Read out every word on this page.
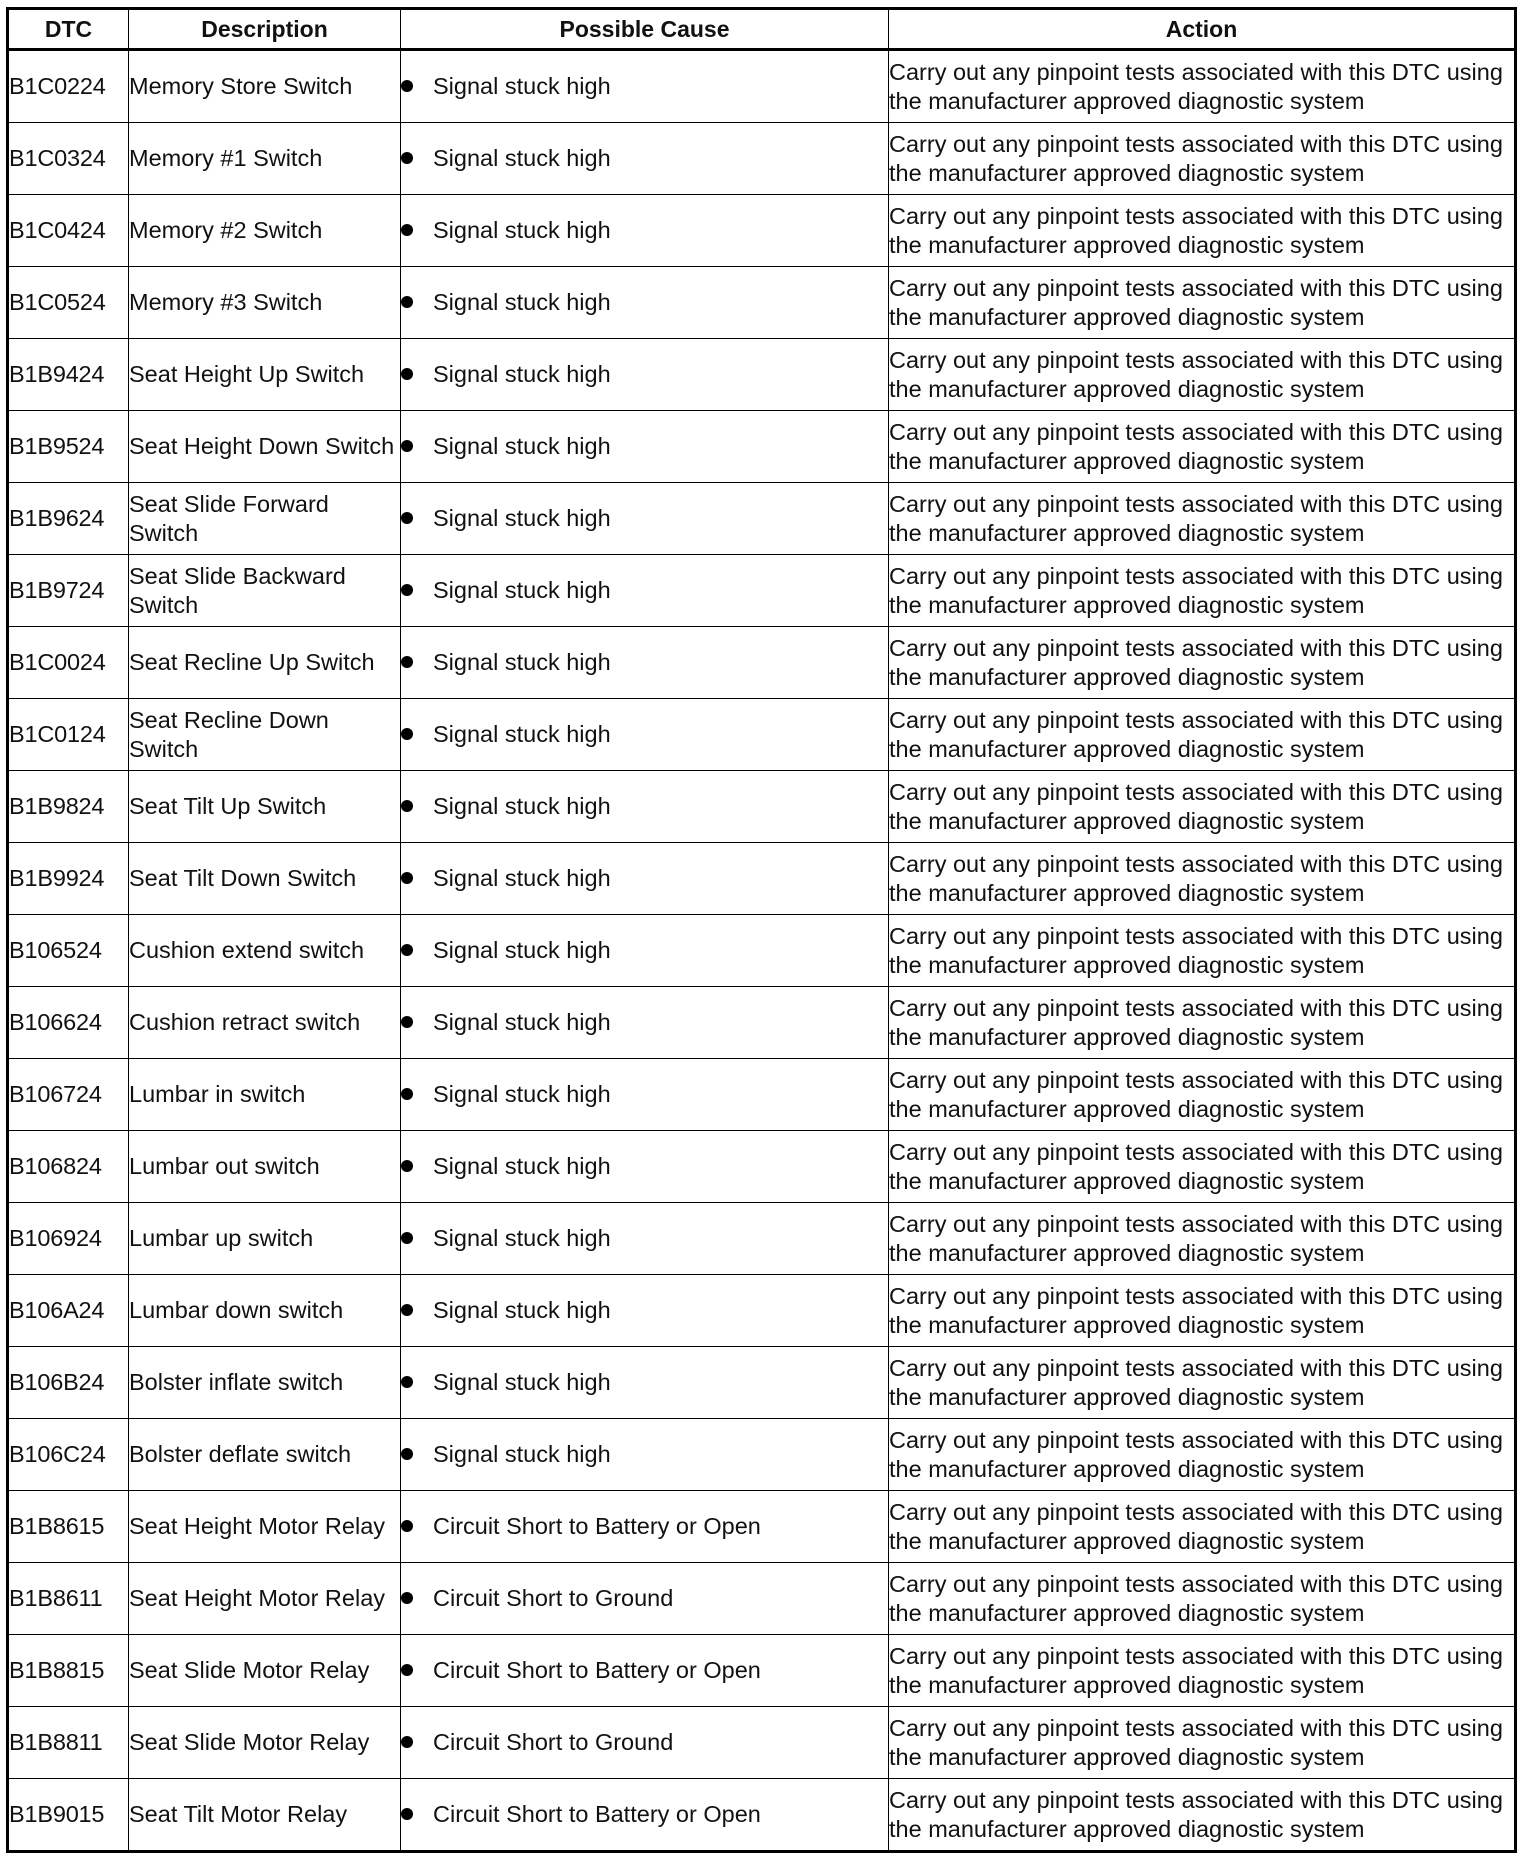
DTC	Description	Possible Cause	Action
B1C0224	Memory Store Switch	Signal stuck high	Carry out any pinpoint tests associated with this DTC using the manufacturer approved diagnostic system
B1C0324	Memory #1 Switch	Signal stuck high	Carry out any pinpoint tests associated with this DTC using the manufacturer approved diagnostic system
B1C0424	Memory #2 Switch	Signal stuck high	Carry out any pinpoint tests associated with this DTC using the manufacturer approved diagnostic system
B1C0524	Memory #3 Switch	Signal stuck high	Carry out any pinpoint tests associated with this DTC using the manufacturer approved diagnostic system
B1B9424	Seat Height Up Switch	Signal stuck high	Carry out any pinpoint tests associated with this DTC using the manufacturer approved diagnostic system
B1B9524	Seat Height Down Switch	Signal stuck high	Carry out any pinpoint tests associated with this DTC using the manufacturer approved diagnostic system
B1B9624	Seat Slide Forward Switch	Signal stuck high	Carry out any pinpoint tests associated with this DTC using the manufacturer approved diagnostic system
B1B9724	Seat Slide Backward Switch	Signal stuck high	Carry out any pinpoint tests associated with this DTC using the manufacturer approved diagnostic system
B1C0024	Seat Recline Up Switch	Signal stuck high	Carry out any pinpoint tests associated with this DTC using the manufacturer approved diagnostic system
B1C0124	Seat Recline Down Switch	Signal stuck high	Carry out any pinpoint tests associated with this DTC using the manufacturer approved diagnostic system
B1B9824	Seat Tilt Up Switch	Signal stuck high	Carry out any pinpoint tests associated with this DTC using the manufacturer approved diagnostic system
B1B9924	Seat Tilt Down Switch	Signal stuck high	Carry out any pinpoint tests associated with this DTC using the manufacturer approved diagnostic system
B106524	Cushion extend switch	Signal stuck high	Carry out any pinpoint tests associated with this DTC using the manufacturer approved diagnostic system
B106624	Cushion retract switch	Signal stuck high	Carry out any pinpoint tests associated with this DTC using the manufacturer approved diagnostic system
B106724	Lumbar in switch	Signal stuck high	Carry out any pinpoint tests associated with this DTC using the manufacturer approved diagnostic system
B106824	Lumbar out switch	Signal stuck high	Carry out any pinpoint tests associated with this DTC using the manufacturer approved diagnostic system
B106924	Lumbar up switch	Signal stuck high	Carry out any pinpoint tests associated with this DTC using the manufacturer approved diagnostic system
B106A24	Lumbar down switch	Signal stuck high	Carry out any pinpoint tests associated with this DTC using the manufacturer approved diagnostic system
B106B24	Bolster inflate switch	Signal stuck high	Carry out any pinpoint tests associated with this DTC using the manufacturer approved diagnostic system
B106C24	Bolster deflate switch	Signal stuck high	Carry out any pinpoint tests associated with this DTC using the manufacturer approved diagnostic system
B1B8615	Seat Height Motor Relay	Circuit Short to Battery or Open	Carry out any pinpoint tests associated with this DTC using the manufacturer approved diagnostic system
B1B8611	Seat Height Motor Relay	Circuit Short to Ground	Carry out any pinpoint tests associated with this DTC using the manufacturer approved diagnostic system
B1B8815	Seat Slide Motor Relay	Circuit Short to Battery or Open	Carry out any pinpoint tests associated with this DTC using the manufacturer approved diagnostic system
B1B8811	Seat Slide Motor Relay	Circuit Short to Ground	Carry out any pinpoint tests associated with this DTC using the manufacturer approved diagnostic system
B1B9015	Seat Tilt Motor Relay	Circuit Short to Battery or Open	Carry out any pinpoint tests associated with this DTC using the manufacturer approved diagnostic system
